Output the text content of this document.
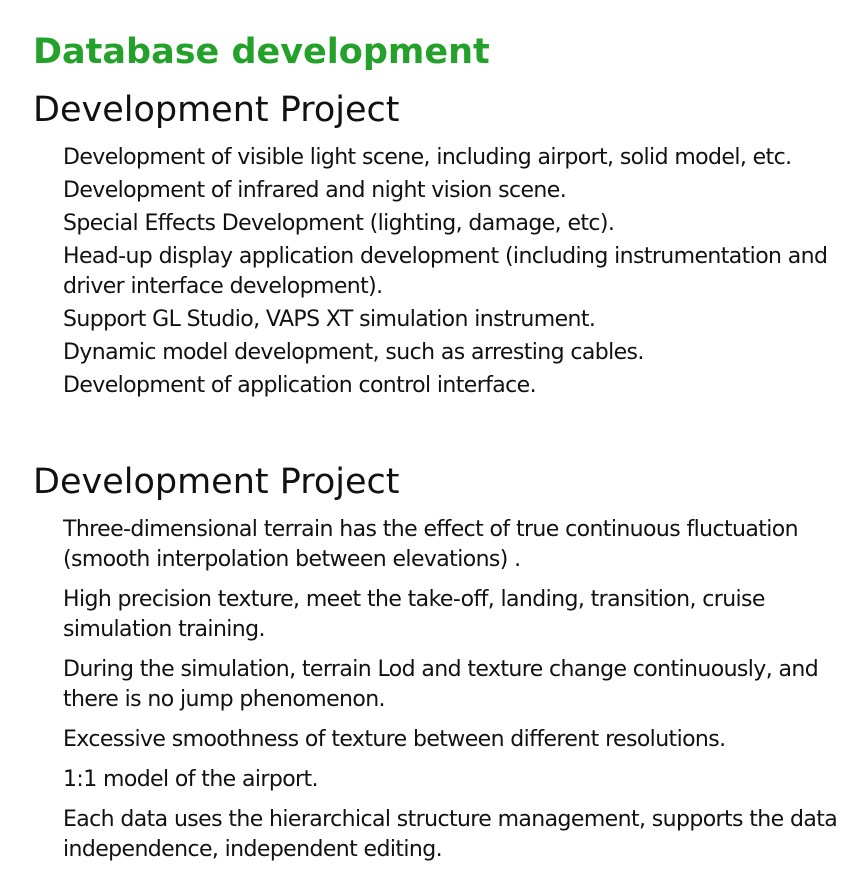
Database development
Development Project
Development of visible light scene, including airport, solid model, etc.
Development of infrared and night vision scene.
Special Effects Development (lighting, damage, etc).
Head-up display application development (including instrumentation and driver interface development).
Support GL Studio, VAPS XT simulation instrument.
Dynamic model development, such as arresting cables.
Development of application control interface.
Development Project
Three-dimensional terrain has the effect of true continuous fluctuation (smooth interpolation between elevations) .
High precision texture, meet the take-off, landing, transition, cruise simulation training.
During the simulation, terrain Lod and texture change continuously, and there is no jump phenomenon.
Excessive smoothness of texture between different resolutions.
1:1 model of the airport.
Each data uses the hierarchical structure management, supports the data independence, independent editing.
